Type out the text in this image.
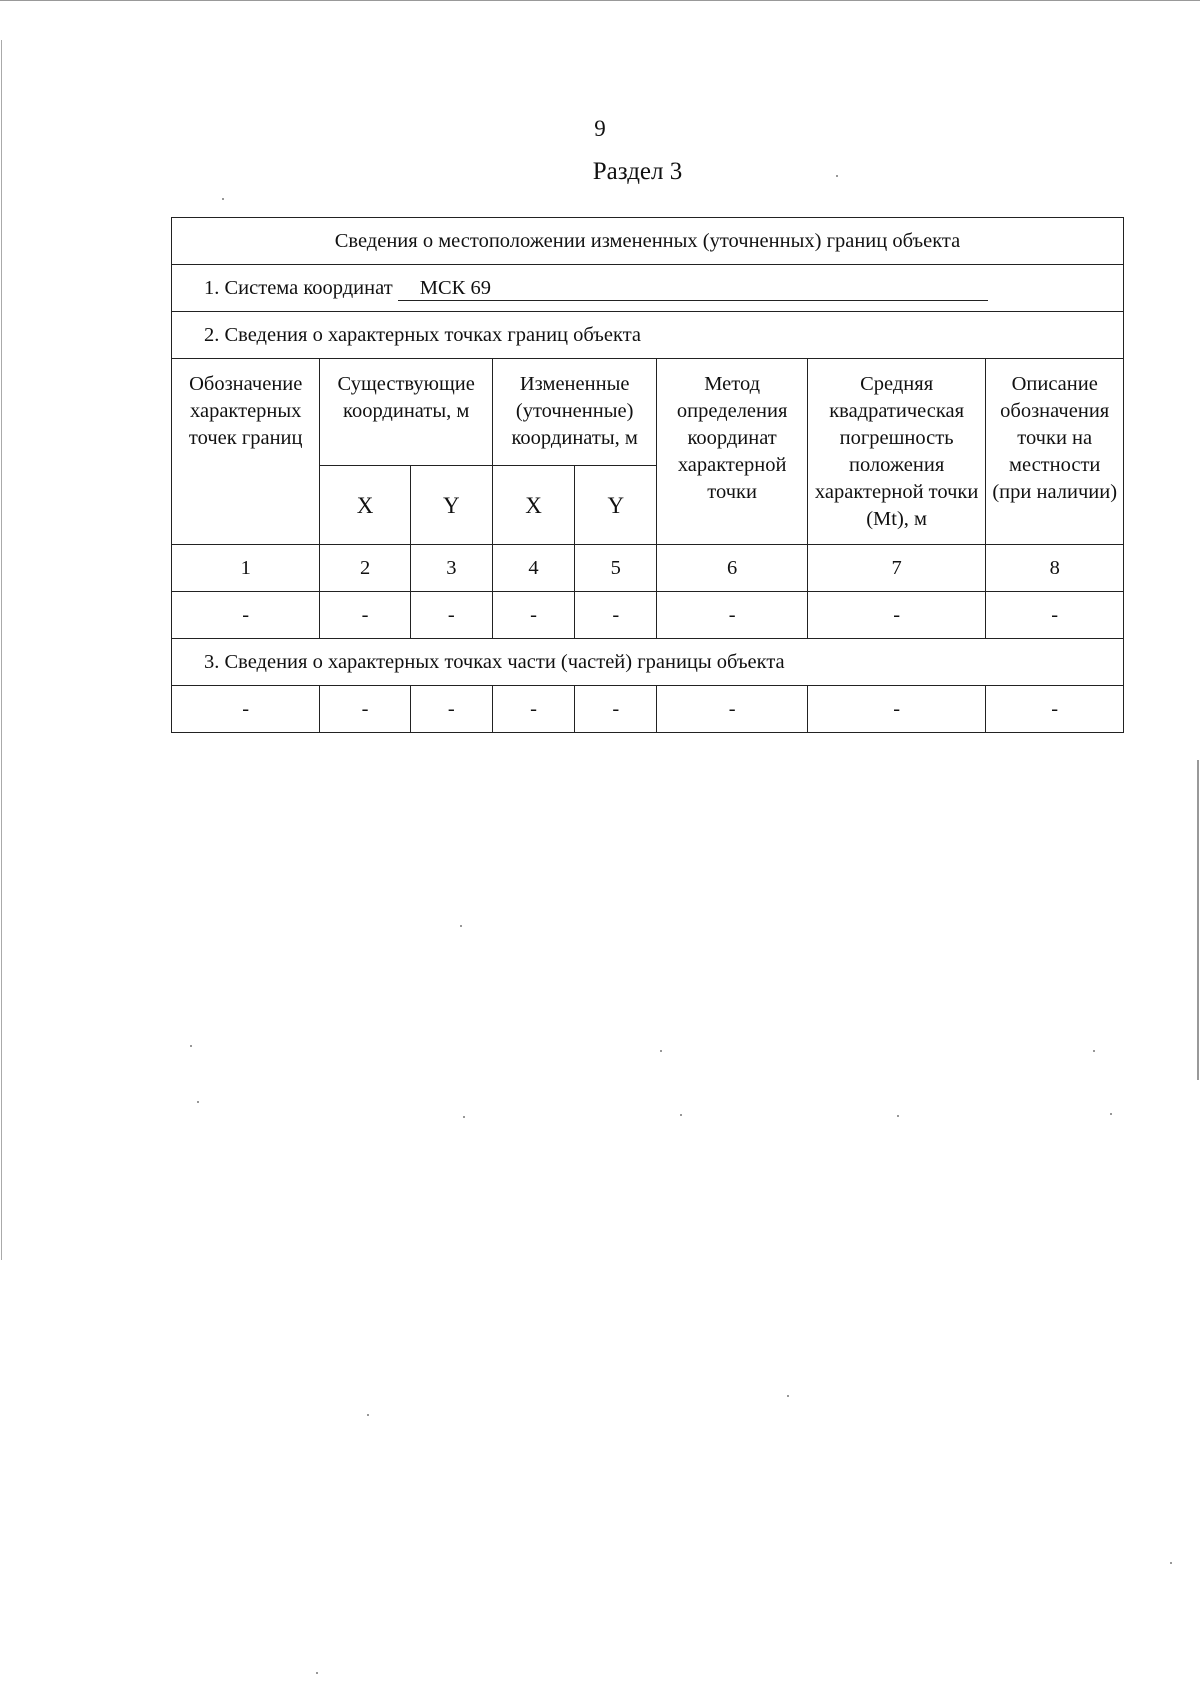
9
Раздел 3
Сведения о местоположении измененных (уточненных) границ объекта							
1. Система координат МСК 69							
2. Сведения о характерных точках границ объекта							
Обозначение характерных точек границ	Существующие координаты, м		Измененные (уточненные) координаты, м		Метод определения координат характерной точки	Средняя квадратическая погрешность положения характерной точки (Mt), м	Описание обозначения точки на местности (при наличии)
	X	Y	X	Y			
1	2	3	4	5	6	7	8
-	-	-	-	-	-	-	-
3. Сведения о характерных точках части (частей) границы объекта							
-	-	-	-	-	-	-	-
